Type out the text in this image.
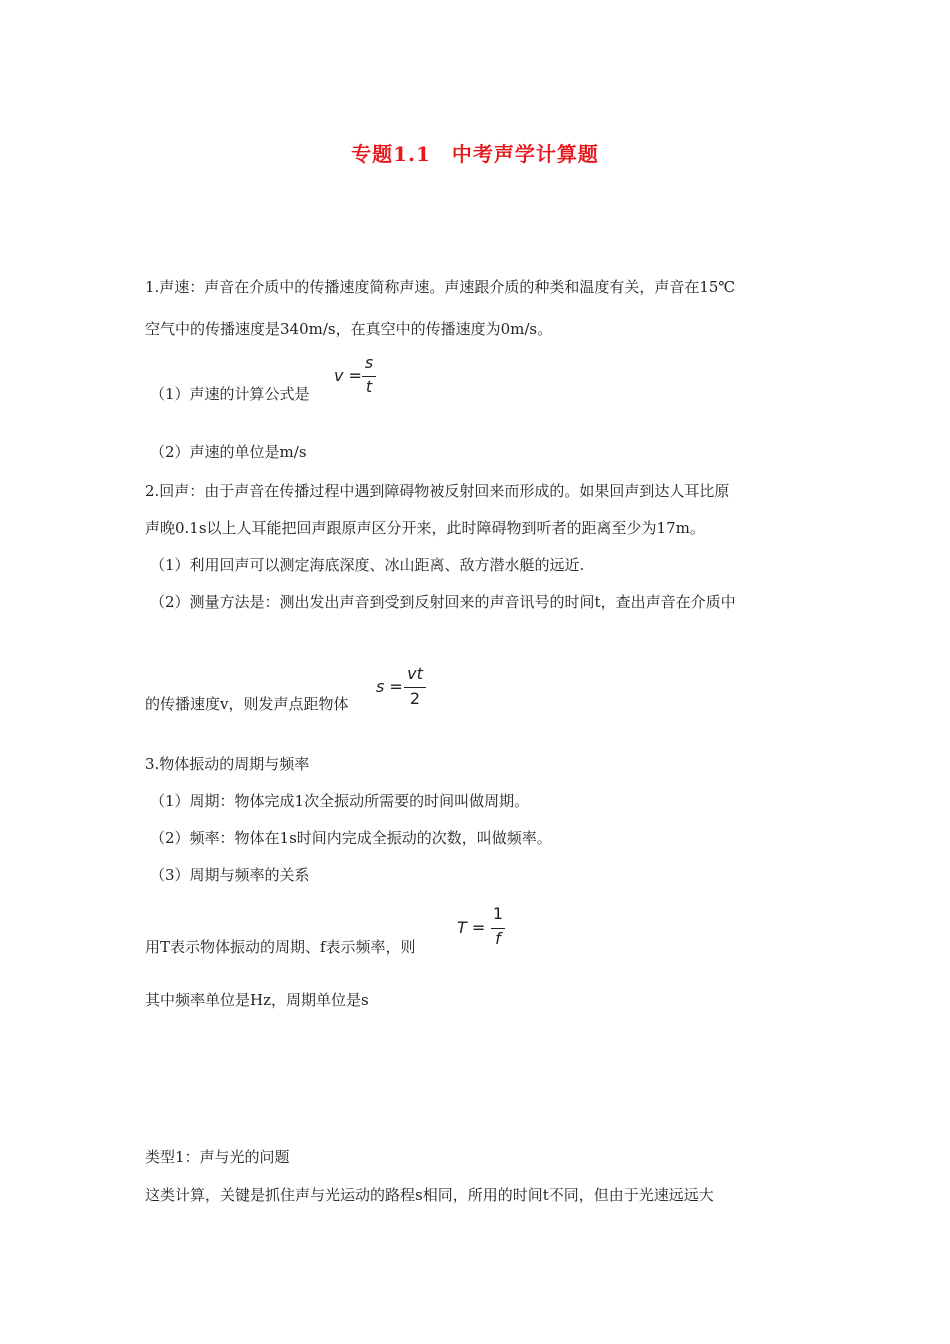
专题1.1　中考声学计算题
1.声速：声音在介质中的传播速度简称声速。声速跟介质的种类和温度有关，声音在15℃
空气中的传播速度是340m/s，在真空中的传播速度为0m/s。
（1）声速的计算公式是
v =
s
t
（2）声速的单位是m/s
2.回声：由于声音在传播过程中遇到障碍物被反射回来而形成的。如果回声到达人耳比原
声晚0.1s以上人耳能把回声跟原声区分开来，此时障碍物到听者的距离至少为17m。
（1）利用回声可以测定海底深度、冰山距离、敌方潜水艇的远近.
（2）测量方法是：测出发出声音到受到反射回来的声音讯号的时间t，查出声音在介质中
的传播速度v，则发声点距物体
s =
vt
2
3.物体振动的周期与频率
（1）周期：物体完成1次全振动所需要的时间叫做周期。
（2）频率：物体在1s时间内完成全振动的次数，叫做频率。
（3）周期与频率的关系
用T表示物体振动的周期、f表示频率，则
T =
1
f
其中频率单位是Hz，周期单位是s
类型1：声与光的问题
这类计算，关键是抓住声与光运动的路程s相同，所用的时间t不同，但由于光速远远大
